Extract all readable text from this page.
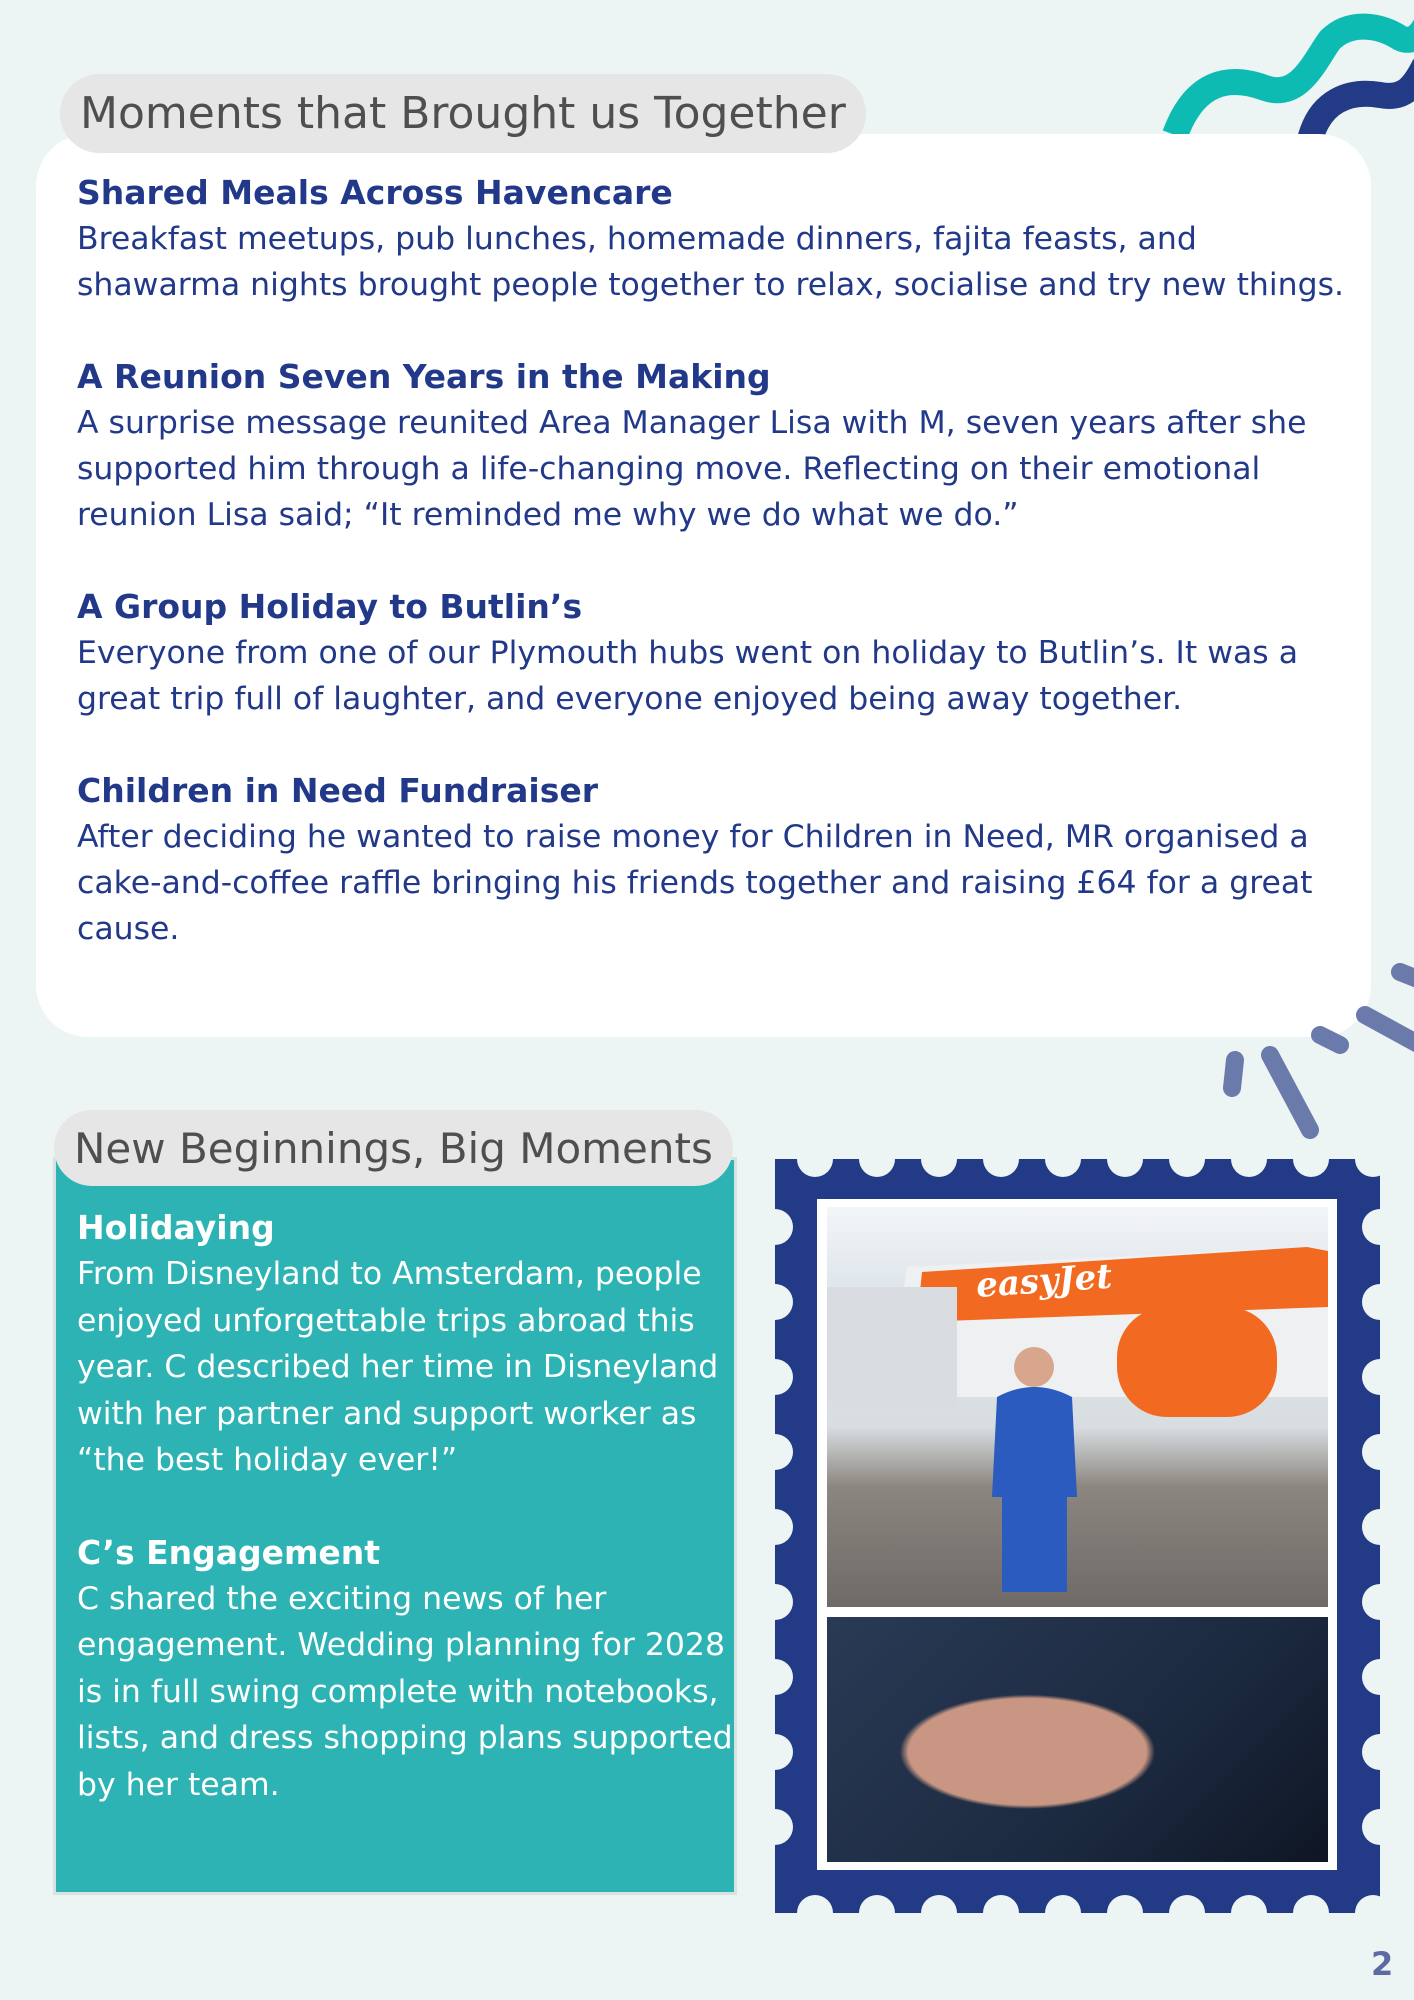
Moments that Brought us Together
Shared Meals Across Havencare

Breakfast meetups, pub lunches, homemade dinners, fajita feasts, and shawarma nights brought people together to relax, socialise and try new things.

A Reunion Seven Years in the Making

A surprise message reunited Area Manager Lisa with M, seven years after she supported him through a life-changing move. Reflecting on their emotional reunion Lisa said; “It reminded me why we do what we do.”

A Group Holiday to Butlin’s

Everyone from one of our Plymouth hubs went on holiday to Butlin’s. It was a great trip full of laughter, and everyone enjoyed being away together.

Children in Need Fundraiser

After deciding he wanted to raise money for Children in Need, MR organised a cake-and-coffee raffle bringing his friends together and raising £64 for a great cause.

New Beginnings, Big Moments
Holidaying

From Disneyland to Amsterdam, people enjoyed unforgettable trips abroad this year. C described her time in Disneyland with her partner and support worker as “the best holiday ever!”

C’s Engagement

C shared the exciting news of her engagement. Wedding planning for 2028 is in full swing complete with notebooks, lists, and dress shopping plans supported by her team.

easyJet
2
